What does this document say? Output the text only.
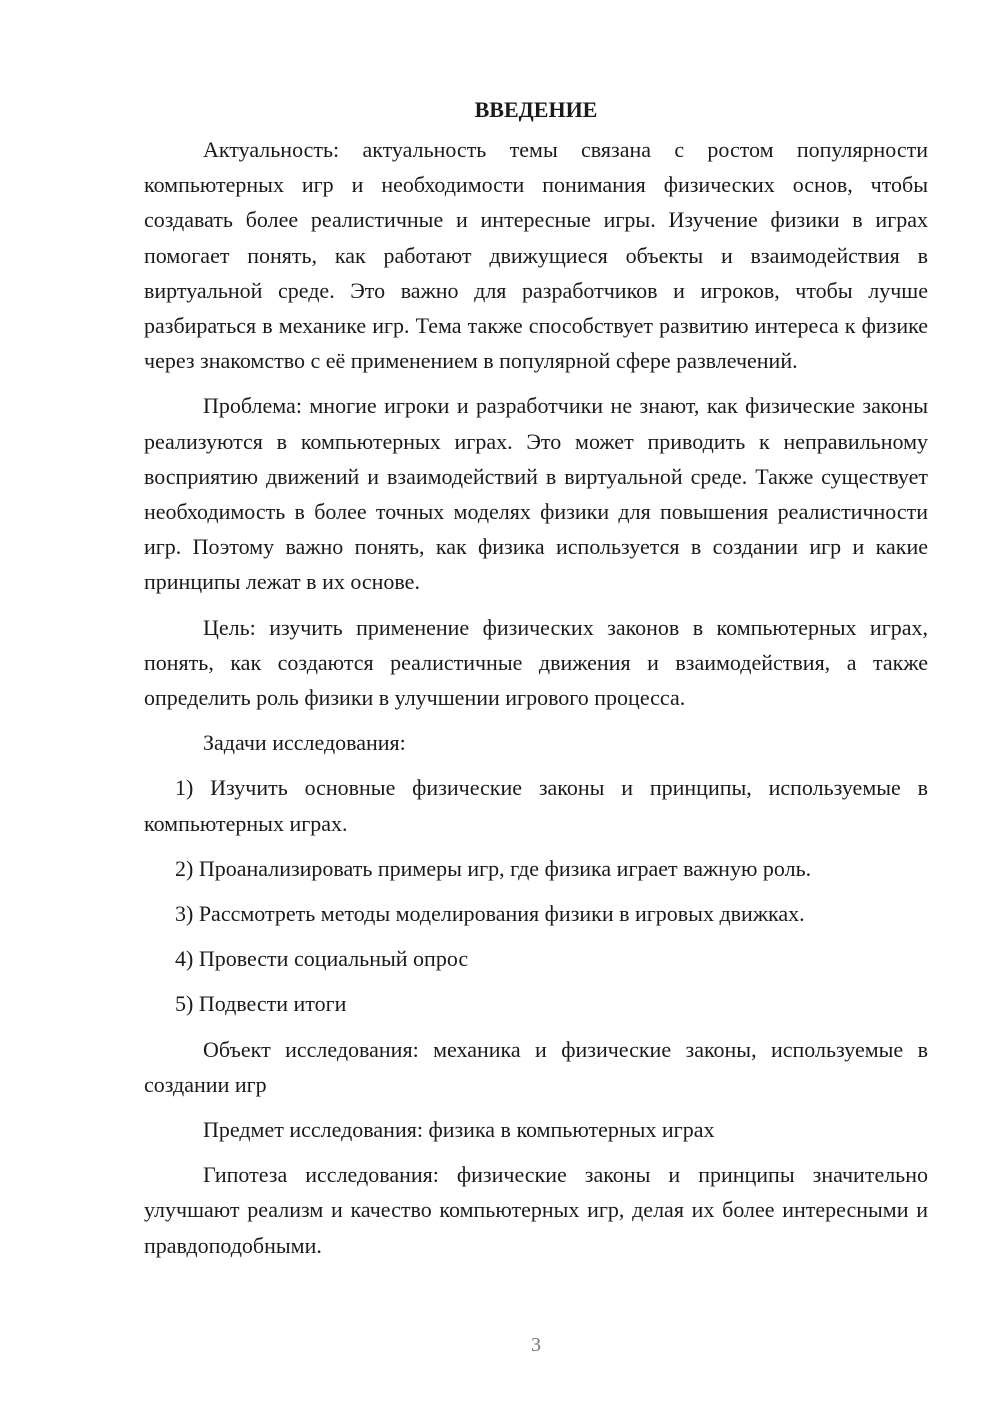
ВВЕДЕНИЕ

Актуальность: актуальность темы связана с ростом популярности компьютерных игр и необходимости понимания физических основ, чтобы создавать более реалистичные и интересные игры. Изучение физики в играх помогает понять, как работают движущиеся объекты и взаимодействия в виртуальной среде. Это важно для разработчиков и игроков, чтобы лучше разбираться в механике игр. Тема также способствует развитию интереса к физике через знакомство с её применением в популярной сфере развлечений.

Проблема: многие игроки и разработчики не знают, как физические законы реализуются в компьютерных играх. Это может приводить к неправильному восприятию движений и взаимодействий в виртуальной среде. Также существует необходимость в более точных моделях физики для повышения реалистичности игр. Поэтому важно понять, как физика используется в создании игр и какие принципы лежат в их основе.

Цель: изучить применение физических законов в компьютерных играх, понять, как создаются реалистичные движения и взаимодействия, а также определить роль физики в улучшении игрового процесса.

Задачи исследования:

1) Изучить основные физические законы и принципы, используемые в компьютерных играх.

2) Проанализировать примеры игр, где физика играет важную роль.

3) Рассмотреть методы моделирования физики в игровых движках.

4) Провести социальный опрос

5) Подвести итоги

Объект исследования: механика и физические законы, используемые в создании игр

Предмет исследования: физика в компьютерных играх

Гипотеза исследования: физические законы и принципы значительно улучшают реализм и качество компьютерных игр, делая их более интересными и правдоподобными.

3
